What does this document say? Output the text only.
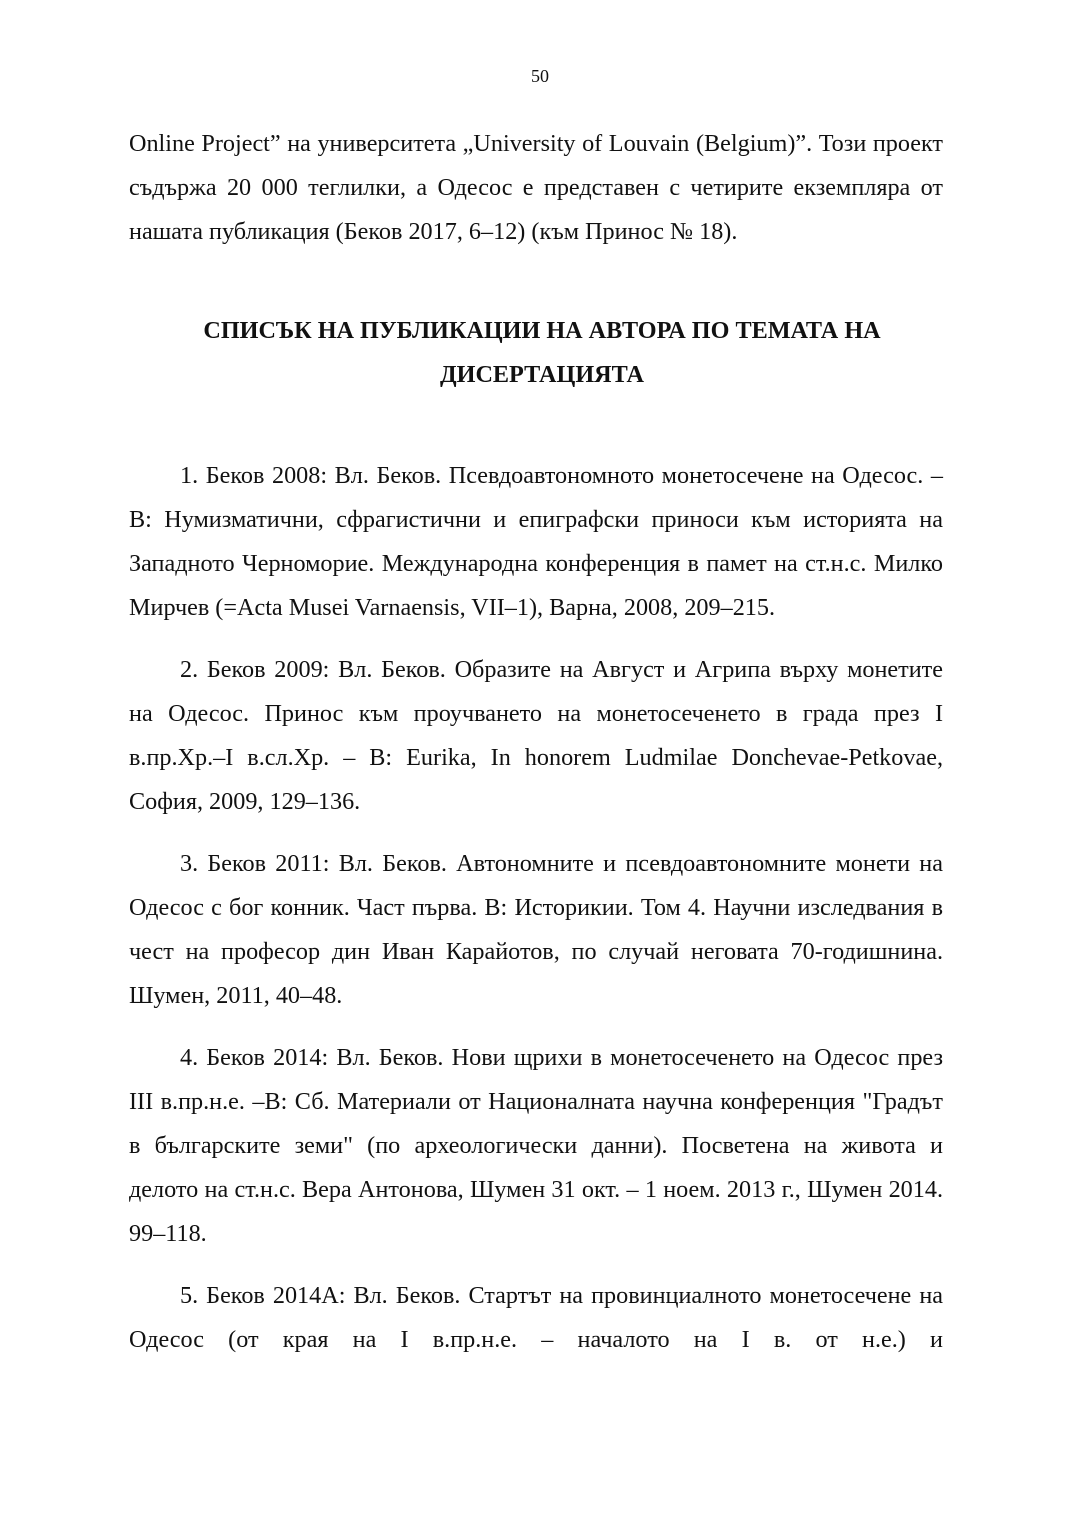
50

Online Project” на университета „University of Louvain (Belgium)”. Този проект съдържа 20 000 теглилки, а Одесос е представен с четирите екземпляра от нашата публикация (Беков 2017, 6–12) (към Принос № 18).

СПИСЪК НА ПУБЛИКАЦИИ НА АВТОРА ПО ТЕМАТА НА
ДИСЕРТАЦИЯТА
1. Беков 2008: Вл. Беков. Псевдоавтономното монетосечене на Одесос. – В: Нумизматични, сфрагистични и епиграфски приноси към историята на Западното Черноморие. Международна конференция в памет на ст.н.с. Милко Мирчев (=Acta Musei Varnaensis, VII–1), Варна, 2008, 209–215.
2. Беков 2009: Вл. Беков. Образите на Август и Агрипа върху монетите на Одесос. Принос към проучването на монетосеченето в града през I в.пр.Хр.–I в.сл.Хр. – В: Eurika, In honorem Ludmilae Donchevae-Petkovae, София, 2009, 129–136.
3. Беков 2011: Вл. Беков. Автономните и псевдоавтономните монети на Одесос с бог конник. Част първа. В: Историкии. Том 4. Научни изследвания в чест на професор дин Иван Карайотов, по случай неговата 70-годишнина. Шумен, 2011, 40–48.
4. Беков 2014: Вл. Беков. Нови щрихи в монетосеченето на Одесос през III в.пр.н.е. –В: Сб. Материали от Националната научна конференция "Градът в българските земи" (по археологически данни). Посветена на живота и делото на ст.н.с. Вера Антонова, Шумен 31 окт. – 1 ноем. 2013 г., Шумен 2014. 99–118.
5. Беков 2014А: Вл. Беков. Стартът на провинциалното монетосечене на Одесос (от края на I в.пр.н.е. – началото на I в. от н.е.) и
